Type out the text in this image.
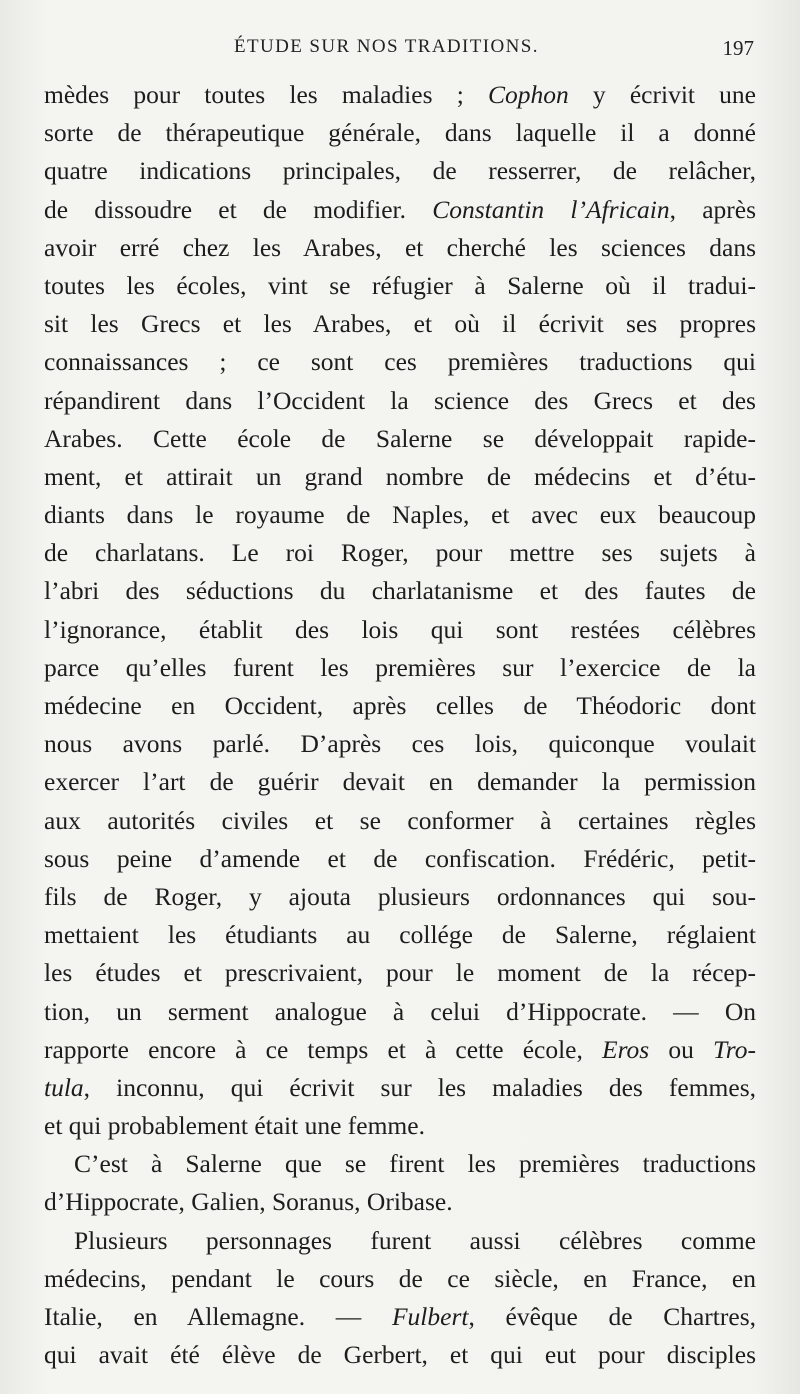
ÉTUDE SUR NOS TRADITIONS.	197
mèdes pour toutes les maladies ; Cophon y écrivit une
sorte de thérapeutique générale, dans laquelle il a donné
quatre indications principales, de resserrer, de relâcher,
de dissoudre et de modifier. Constantin l’Africain, après
avoir erré chez les Arabes, et cherché les sciences dans
toutes les écoles, vint se réfugier à Salerne où il tradui-
sit les Grecs et les Arabes, et où il écrivit ses propres
connaissances ; ce sont ces premières traductions qui
répandirent dans l’Occident la science des Grecs et des
Arabes. Cette école de Salerne se développait rapide-
ment, et attirait un grand nombre de médecins et d’étu-
diants dans le royaume de Naples, et avec eux beaucoup
de charlatans. Le roi Roger, pour mettre ses sujets à
l’abri des séductions du charlatanisme et des fautes de
l’ignorance, établit des lois qui sont restées célèbres
parce qu’elles furent les premières sur l’exercice de la
médecine en Occident, après celles de Théodoric dont
nous avons parlé. D’après ces lois, quiconque voulait
exercer l’art de guérir devait en demander la permission
aux autorités civiles et se conformer à certaines règles
sous peine d’amende et de confiscation. Frédéric, petit-
fils de Roger, y ajouta plusieurs ordonnances qui sou-
mettaient les étudiants au collége de Salerne, réglaient
les études et prescrivaient, pour le moment de la récep-
tion, un serment analogue à celui d’Hippocrate. — On
rapporte encore à ce temps et à cette école, Eros ou Tro-
tula, inconnu, qui écrivit sur les maladies des femmes,
et qui probablement était une femme.
C’est à Salerne que se firent les premières traductions
d’Hippocrate, Galien, Soranus, Oribase.
Plusieurs personnages furent aussi célèbres comme
médecins, pendant le cours de ce siècle, en France, en
Italie, en Allemagne. — Fulbert, évêque de Chartres,
qui avait été élève de Gerbert, et qui eut pour disciples
